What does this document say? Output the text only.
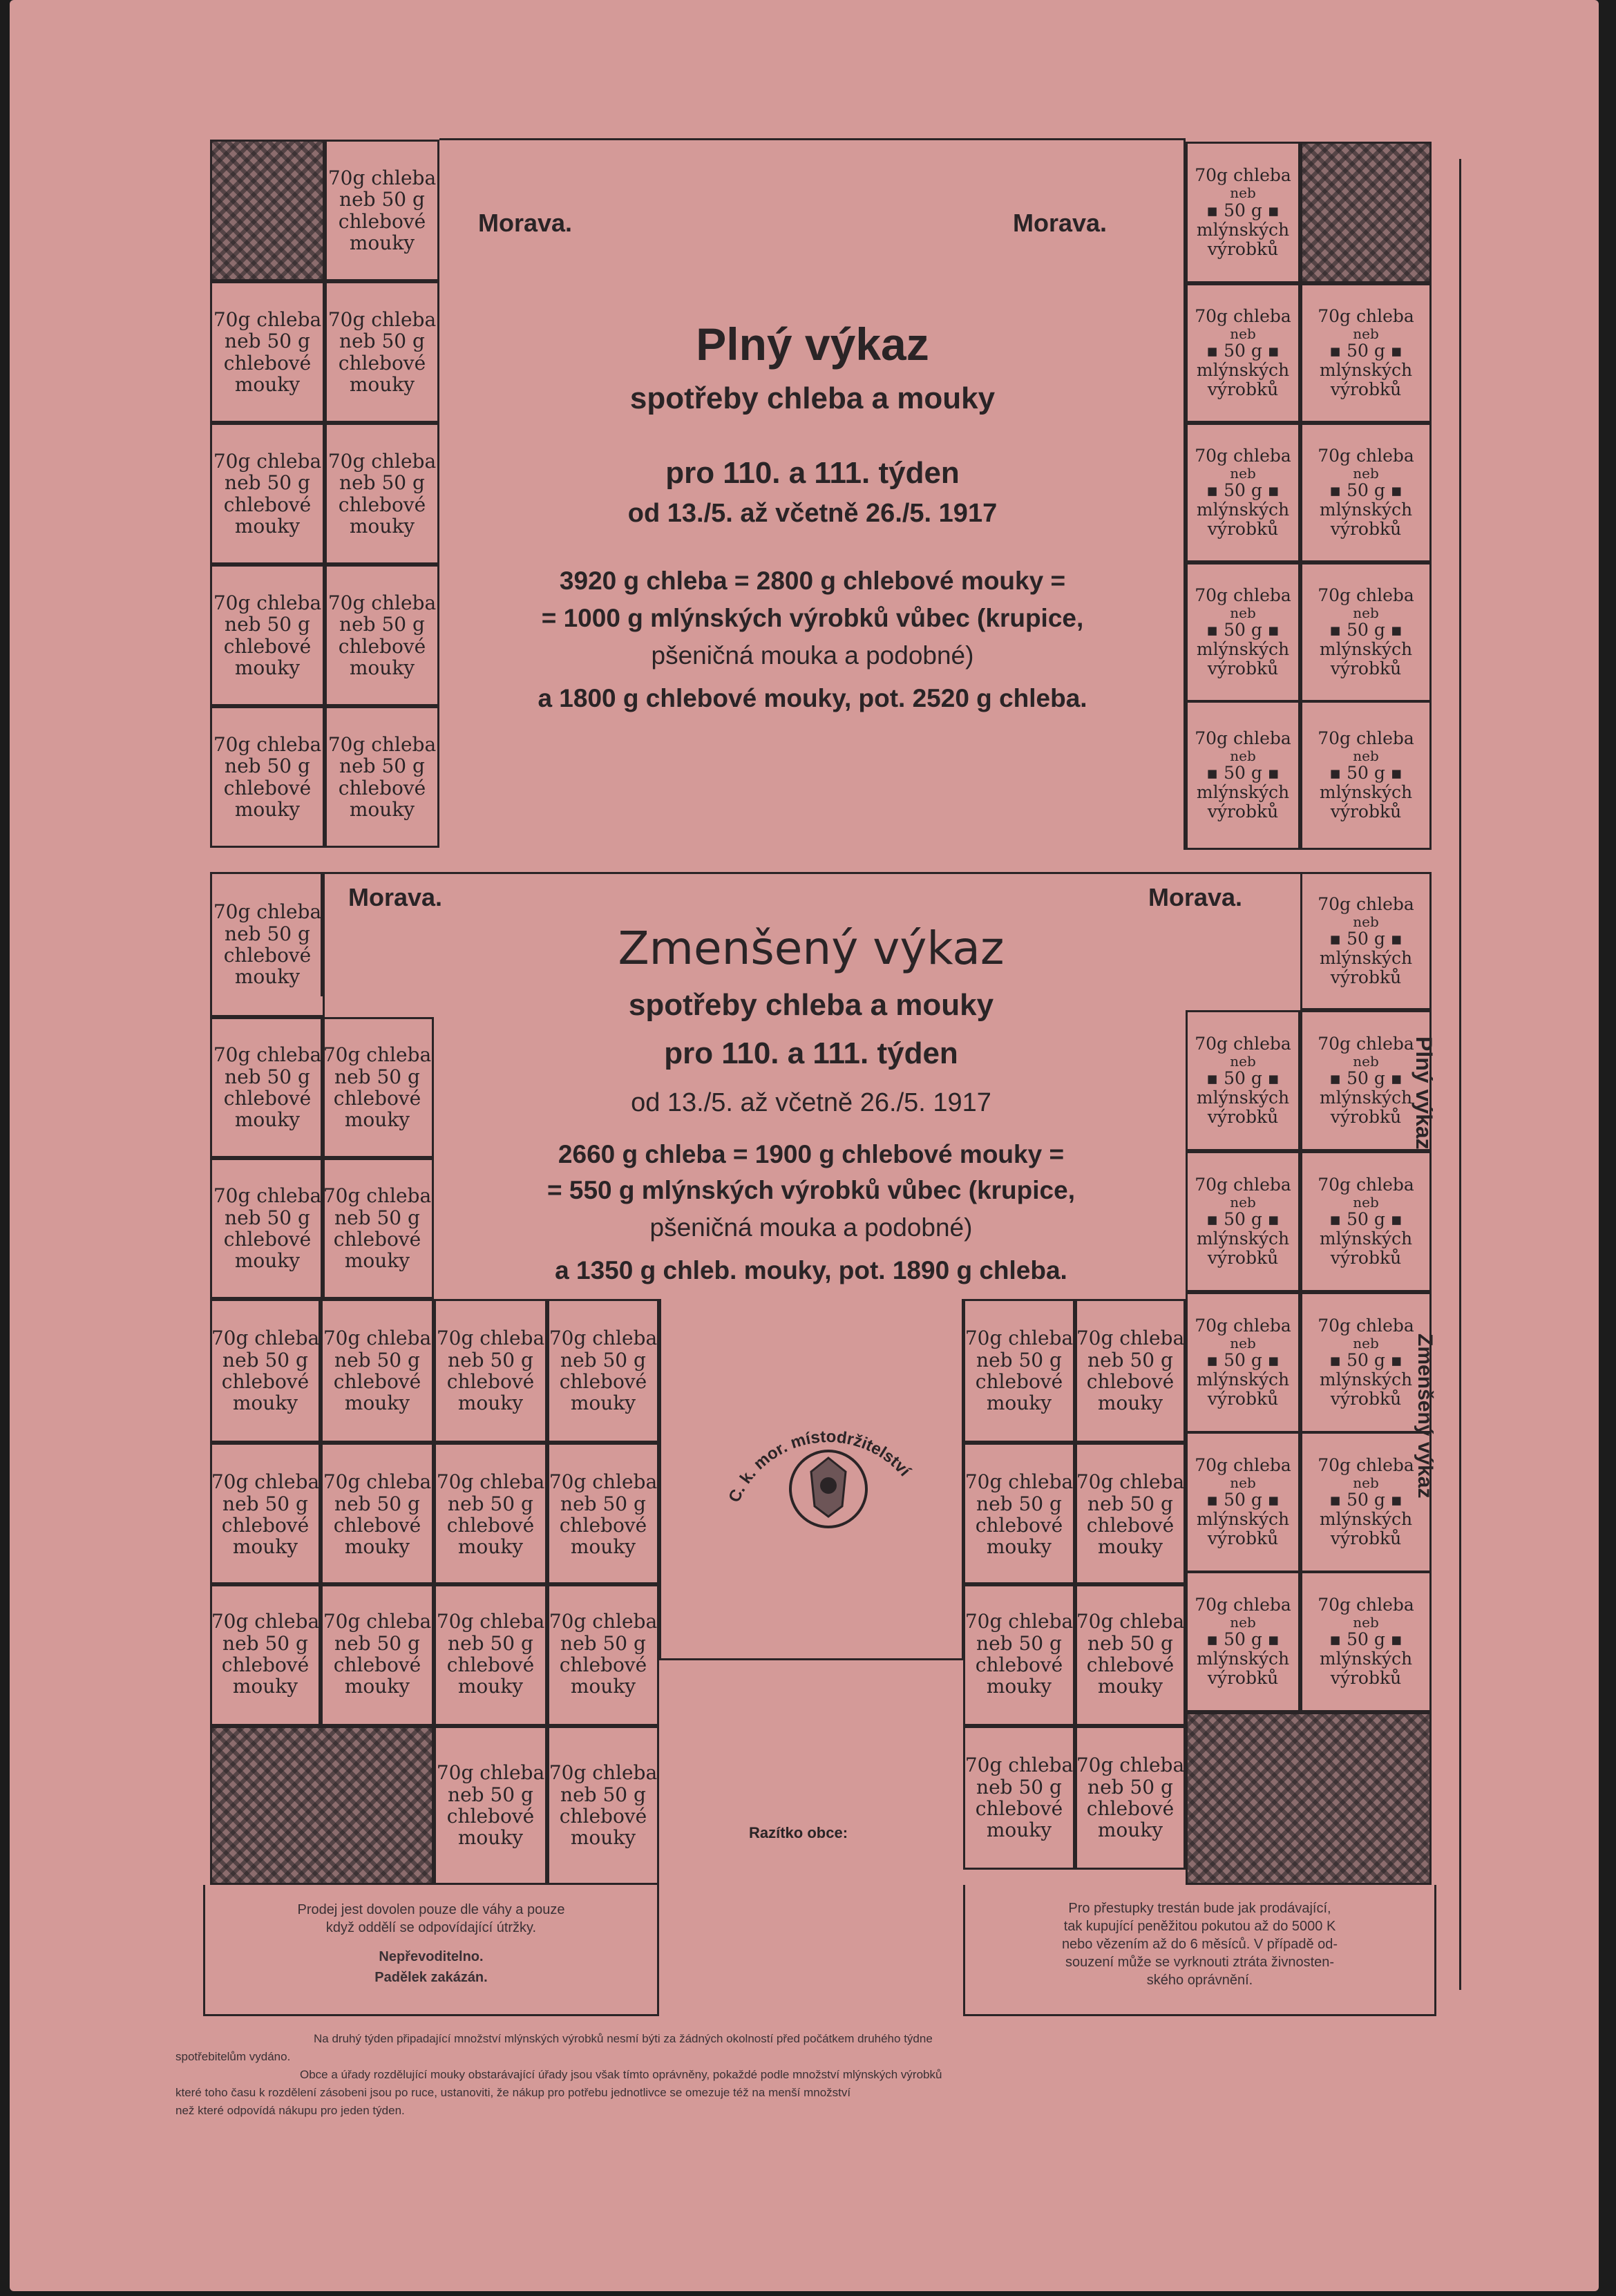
Morava.	Morava.
Plný výkaz
spotřeby chleba a mouky
pro 110. a 111. týden
od 13./5. až včetně 26./5. 1917
3920 g chleba = 2800 g chlebové mouky =
= 1000 g mlýnských výrobků vůbec (krupice,
pšeničná mouka a podobné)
a 1800 g chlebové mouky, pot. 2520 g chleba.
Morava.	Morava.
Zmenšený výkaz
spotřeby chleba a mouky
pro 110. a 111. týden
od 13./5. až včetně 26./5. 1917
2660 g chleba = 1900 g chlebové mouky =
= 550 g mlýnských výrobků vůbec (krupice,
pšeničná mouka a podobné)
a 1350 g chleb. mouky, pot. 1890 g chleba.
C. k. mor. místodržitelství
Razítko obce:
Prodej jest dovolen pouze dle váhy a pouze
když oddělí se odpovídající útržky.
Nepřevoditelno.
Padělek zakázán.
Pro přestupky trestán bude jak prodávající,
tak kupující peněžitou pokutou až do 5000 K
nebo vězením až do 6 měsíců. V případě od-
souzení může se vyrknouti ztráta živnosten-
ského oprávnění.
Na druhý týden připadající množství mlýnských výrobků nesmí býti za žádných okolností před počátkem druhého týdne
spotřebitelům vydáno.
Obce a úřady rozdělující mouky obstarávající úřady jsou však tímto oprávněny, pokaždé podle množství mlýnských výrobků
které toho času k rozdělení zásobeni jsou po ruce, ustanoviti, že nákup pro potřebu jednotlivce se omezuje též na menší množství
než které odpovídá nákupu pro jeden týden.
Plný výkaz
Zmenšený výkaz
70g chleba
neb 50 g
chlebové
mouky
70g chleba
neb 50 g
chlebové
mouky
70g chleba
neb 50 g
chlebové
mouky
70g chleba
neb 50 g
chlebové
mouky
70g chleba
neb 50 g
chlebové
mouky
70g chleba
neb 50 g
chlebové
mouky
70g chleba
neb 50 g
chlebové
mouky
70g chleba
neb 50 g
chlebové
mouky
70g chleba
neb 50 g
chlebové
mouky
70g chleba
neb
▪ 50 g ▪
mlýnských
výrobků
70g chleba
neb
▪ 50 g ▪
mlýnských
výrobků
70g chleba
neb
▪ 50 g ▪
mlýnských
výrobků
70g chleba
neb
▪ 50 g ▪
mlýnských
výrobků
70g chleba
neb
▪ 50 g ▪
mlýnských
výrobků
70g chleba
neb
▪ 50 g ▪
mlýnských
výrobků
70g chleba
neb
▪ 50 g ▪
mlýnských
výrobků
70g chleba
neb
▪ 50 g ▪
mlýnských
výrobků
70g chleba
neb
▪ 50 g ▪
mlýnských
výrobků
70g chleba
neb 50 g
chlebové
mouky
70g chleba
neb 50 g
chlebové
mouky
70g chleba
neb 50 g
chlebové
mouky
70g chleba
neb 50 g
chlebové
mouky
70g chleba
neb 50 g
chlebové
mouky
70g chleba
neb 50 g
chlebové
mouky
70g chleba
neb 50 g
chlebové
mouky
70g chleba
neb 50 g
chlebové
mouky
70g chleba
neb 50 g
chlebové
mouky
70g chleba
neb 50 g
chlebové
mouky
70g chleba
neb 50 g
chlebové
mouky
70g chleba
neb 50 g
chlebové
mouky
70g chleba
neb 50 g
chlebové
mouky
70g chleba
neb 50 g
chlebové
mouky
70g chleba
neb 50 g
chlebové
mouky
70g chleba
neb 50 g
chlebové
mouky
70g chleba
neb 50 g
chlebové
mouky
70g chleba
neb 50 g
chlebové
mouky
70g chleba
neb 50 g
chlebové
mouky
70g chleba
neb 50 g
chlebové
mouky
70g chleba
neb 50 g
chlebové
mouky
70g chleba
neb 50 g
chlebové
mouky
70g chleba
neb 50 g
chlebové
mouky
70g chleba
neb 50 g
chlebové
mouky
70g chleba
neb 50 g
chlebové
mouky
70g chleba
neb 50 g
chlebové
mouky
70g chleba
neb 50 g
chlebové
mouky
70g chleba
neb
▪ 50 g ▪
mlýnských
výrobků
70g chleba
neb
▪ 50 g ▪
mlýnských
výrobků
70g chleba
neb
▪ 50 g ▪
mlýnských
výrobků
70g chleba
neb
▪ 50 g ▪
mlýnských
výrobků
70g chleba
neb
▪ 50 g ▪
mlýnských
výrobků
70g chleba
neb
▪ 50 g ▪
mlýnských
výrobků
70g chleba
neb
▪ 50 g ▪
mlýnských
výrobků
70g chleba
neb
▪ 50 g ▪
mlýnských
výrobků
70g chleba
neb
▪ 50 g ▪
mlýnských
výrobků
70g chleba
neb
▪ 50 g ▪
mlýnských
výrobků
70g chleba
neb
▪ 50 g ▪
mlýnských
výrobků
